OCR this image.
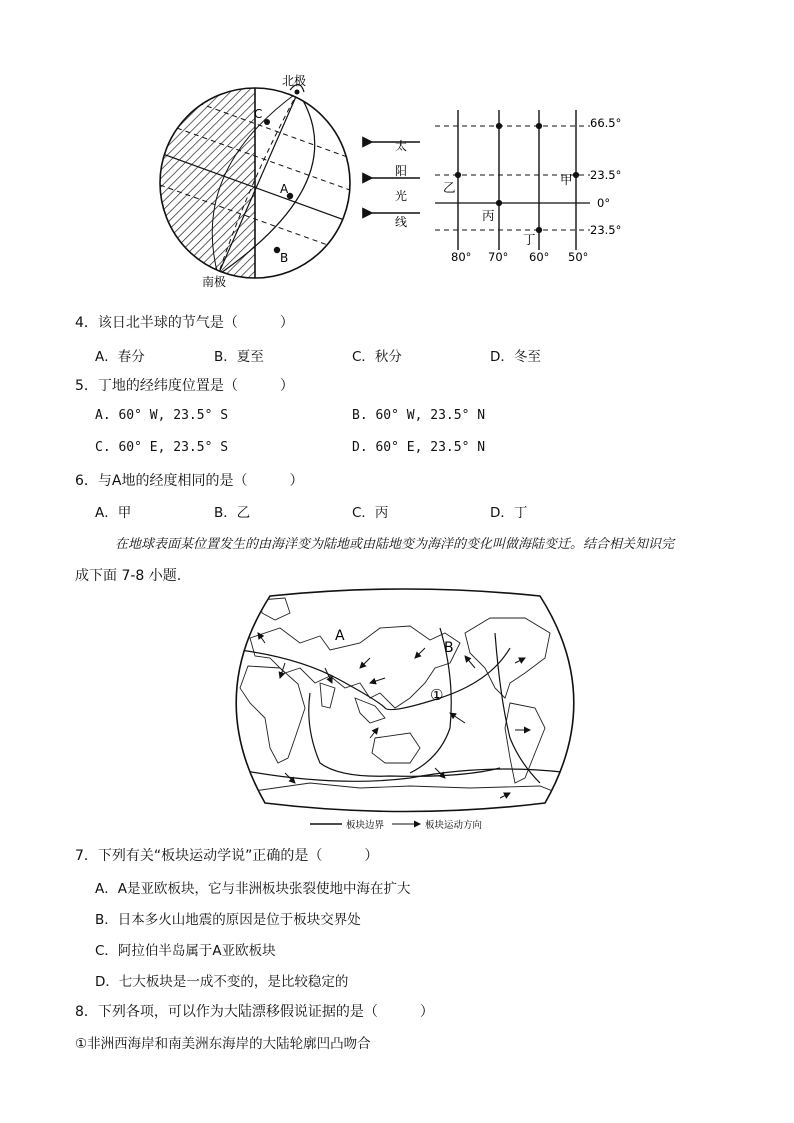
北极
南极
A
B
C
太
阳
光
线
66.5°
23.5°
0°
23.5°
80° 70° 60° 50°
甲
乙
丙
丁
4．该日北半球的节气是（　　　）
A．春分	B．夏至	C．秋分	D．冬至
5．丁地的经纬度位置是（　　　）
A. 60° W, 23.5° S	B. 60° W, 23.5° N
C. 60° E, 23.5° S	D. 60° E, 23.5° N
6．与A地的经度相同的是（　　　）
A．甲	B．乙	C．丙	D．丁
在地球表面某位置发生的由海洋变为陆地或由陆地变为海洋的变化叫做海陆变迁。结合相关知识完
成下面 7-8 小题.
A
B
①
板块边界	板块运动方向
7．下列有关“板块运动学说”正确的是（　　　）
A．A是亚欧板块，它与非洲板块张裂使地中海在扩大
B．日本多火山地震的原因是位于板块交界处
C．阿拉伯半岛属于A亚欧板块
D．七大板块是一成不变的，是比较稳定的
8．下列各项，可以作为大陆漂移假说证据的是（　　　）
①非洲西海岸和南美洲东海岸的大陆轮廓凹凸吻合
